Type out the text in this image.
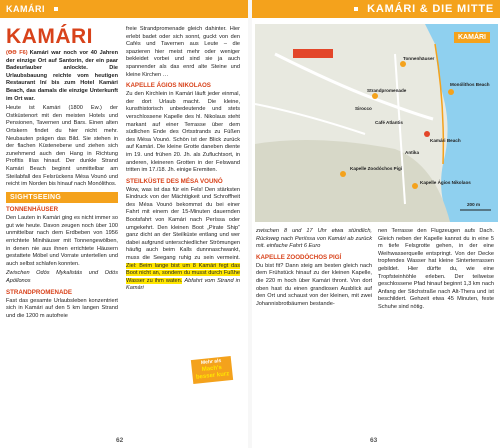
KAMÁRI	KAMÁRI & DIE MITTE
KAMÁRI

(ƟƟ F6) Kamári war noch vor 40 Jahren der einzige Ort auf Santorin, der ein paar Badeurlauber anlockte. Die Urlaubsbauung reichte vom heutigen Restaurant Iní bis zum Hotel Kamári Beach, das damals die einzige Unterkunft im Ort war.

Heute ist Kamári (1800 Ew.) der Ostküstenort mit den meisten Hotels und Pensionen, Tavernen und Bars. Einen alten Ortskern findet du hier nicht mehr. Neubauten prägen das Bild. Sie stehen in der flachen Küstenebene und ziehen sich zunehmend auch den Hang in Richtung Profítis Ilías hinauf. Der dunkle Strand Kamári Beach beginnt unmittelbar am Steilabfall des Felsrückens Mésa Vounó und reicht im Norden bis hinauf nach Monólithos.

SIGHTSEEING
TONNENHÄUSER

Den Lauten in Kamári ging es nicht immer so gut wie heute. Davon zeugen noch über 100 unmittelbar nach dem Erdbeben von 1956 errichtete Minihäuser mit Tonnengewölben, in denen nie aus ihnen errichtete Häusern gestattete Möbel und Vorrate untertellen und auch selbst schlafen konnten.

Zwischen Odós Mykalistás und Odós Apóllonos

STRANDPROMENADE

Fast das gesamte Urlaubsleben konzentriert sich in Kamári auf den 5 km langen Strand und die 1200 m autofreie

freie Strandpromenade gleich dahinter. Hier erlebt badet oder sich sonnt, guckt von den Cafés und Tavernen aus Leute – die spazieren hier meist mehr oder weniger bekleidet vorbei und sind sie ja auch spannender als das enrd alte Steine und kleine Kirchen …

KAPELLE ÁGIOS NIKOLAOS

Zu den Kirchlein in Kamári läuft jeder einmal, der dort Urlaub macht. Die kleine, kunsthistorisch unbedeutende und stets verschlossene Kapelle des hl. Nikolaus steht markant auf einer Terrasse über dem südlichen Ende des Ortsstrands zu Füßen des Mésa Vounó. Schön ist der Blick zurück auf Kamári. Die kleine Grotte daneben diente im 19. und frühen 20. Jh. als Zufluchtsort, in anderen, kleineren Grotten in der Felswand tritten im 17./18. Jh. einige Eremiten.

STEILKÜSTE DES MÉSA VOUNÓ

Wow, was ist das für ein Fels! Den stärksten Eindruck von der Mächtigkeit und Schroffheit des Mésa Vounó bekommst du bei einer Fahrt mit einem der 15-Minuten dauernden Bootsfahrt von Kamári nach Períssa oder umgekehrt. Den kleinen Boot „Pirate Ship“ ganz dicht an der Steilküste entlang und wer dabei aufgrund unterschiedlicher Strömungen häufig auch beim Kalls dunnnaschwankt, muss die Seegang ruhig zu sein vermeint. Ziel: Beim lange bist um 8 Kamári fegt das Boot nicht an, sondern du musst durch Fußhe Wasser zu ihm waten. Abfahrt vom Strand in Kamári

Mehr als
Mach's besser kurz
Monólithos Beach
Kamári Beach
Strandpromenade
Tonnenhäuser
Kapelle Zoodóchos Pigí
Kapelle Ágios Nikolaos
Café Atlantis
Antika
Sirocco
200 m
KAMÁRI

zwischen 8 und 17 Uhr etwa stündlich, Rückweg nach Periíssa von Kamári ab zurück mit. einfache Fahrt 6 Euro

KAPELLE ZOODÓCHOS PIGÍ

Du bist fit? Dann steig am besten gleich nach dem Frühstück hinauf zu der kleinen Kapelle, die 220 m hoch über Kamári thront. Von dort oben hast du einen grandiosen Ausblick auf den Ort und schaust von der kleinen, mit zwei Johannisbrotbäumen bestande-

nen Terrasse den Flugzeugen aufs Dach. Gleich neben der Kapelle kannst du in eine 5 m tiefe Felsgrotte gehen, in der eine Weihwasserquelle entspringt. Von der Decke tropfendes Wasser hat kleine Sinterterrassen gebildet. Hier dürfte du, wie eine Tropfsteinhöhle erleben. Der teilweise geschlossene Pfad hinauf beginnt 1,3 km nach Anfang der Stichstraße nach Alt-Thera und ist beschildert. Gehzeit etwa 45 Minuten, feste Schuhe sind nötig.

62	63
